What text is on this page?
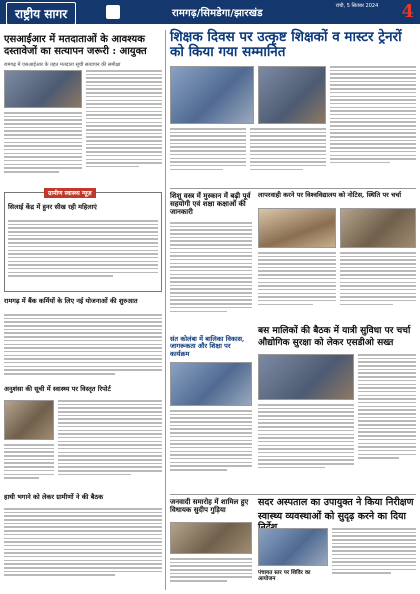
राष्ट्रीय सागर	रामगढ़/सिमडेगा/झारखंड
रांची, 5 सितंबर 2024	4
एसआईआर में मतदाताओं के आवश्यक दस्तावेजों का सत्यापन जरूरी : आयुक्त
रामगढ़ में एसआईआर के तहत मतदाता सूची सत्यापन की समीक्षा
ग्रामीण स्वास्थ्य न्यूज़
सिलाई केंद्र में हुनर सीख रही महिलाएं
रामगढ़ में बैंक कर्मियों के लिए नई योजनाओं की शुरुआत
अनुशंसा की सूची में स्वास्थ्य पर विस्तृत रिपोर्ट
हाथी भगाने को लेकर ग्रामीणों ने की बैठक
शिक्षक दिवस पर उत्कृष्ट शिक्षकों व मास्टर ट्रेनरों को किया गया सम्मानित
शिशु वस्त्र में मुस्कान में बढ़ी पूर्व सहयोगी एवं शक्षा कक्षाओं की जानकारी
लापरवाही करने पर विश्वविद्यालय को नोटिस, स्थिति पर चर्चा
संत कोलंबा में बालिका विकास, जागरूकता और शिक्षा पर कार्यक्रम
बस मालिकों की बैठक में यात्री सुविधा पर चर्चा
औद्योगिक सुरक्षा को लेकर एसडीओ सख्त
जनवादी समारोह में शामिल हुए विधायक सुदीप गुड़िया
सदर अस्पताल का उपायुक्त ने किया निरीक्षण
स्वास्थ्य व्यवस्थाओं को सुदृढ़ करने का दिया
पंचायत स्तर पर शिविर का आयोजन
